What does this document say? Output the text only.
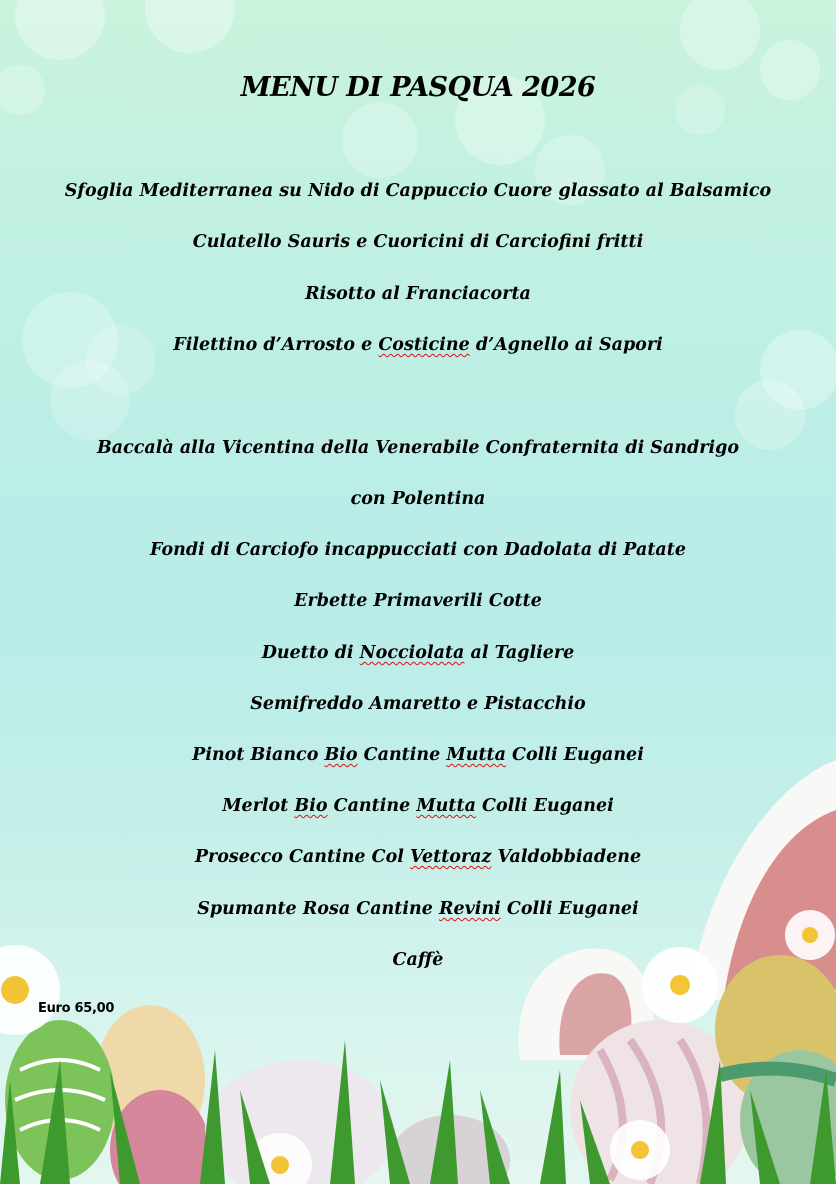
MENU DI PASQUA 2026
Sfoglia Mediterranea su Nido di Cappuccio Cuore glassato al Balsamico
Culatello Sauris e Cuoricini di Carciofini fritti
Risotto al Franciacorta
Filettino d’Arrosto e Costicine d’Agnello ai Sapori
Baccalà alla Vicentina della Venerabile Confraternita di Sandrigo
con Polentina
Fondi di Carciofo incappucciati con Dadolata di Patate
Erbette Primaverili Cotte
Duetto di Nocciolata al Tagliere
Semifreddo Amaretto e Pistacchio
Pinot Bianco Bio Cantine Mutta Colli Euganei
Merlot Bio Cantine Mutta Colli Euganei
Prosecco Cantine Col Vettoraz Valdobbiadene
Spumante Rosa Cantine Revini Colli Euganei
Caffè
Euro 65,00
